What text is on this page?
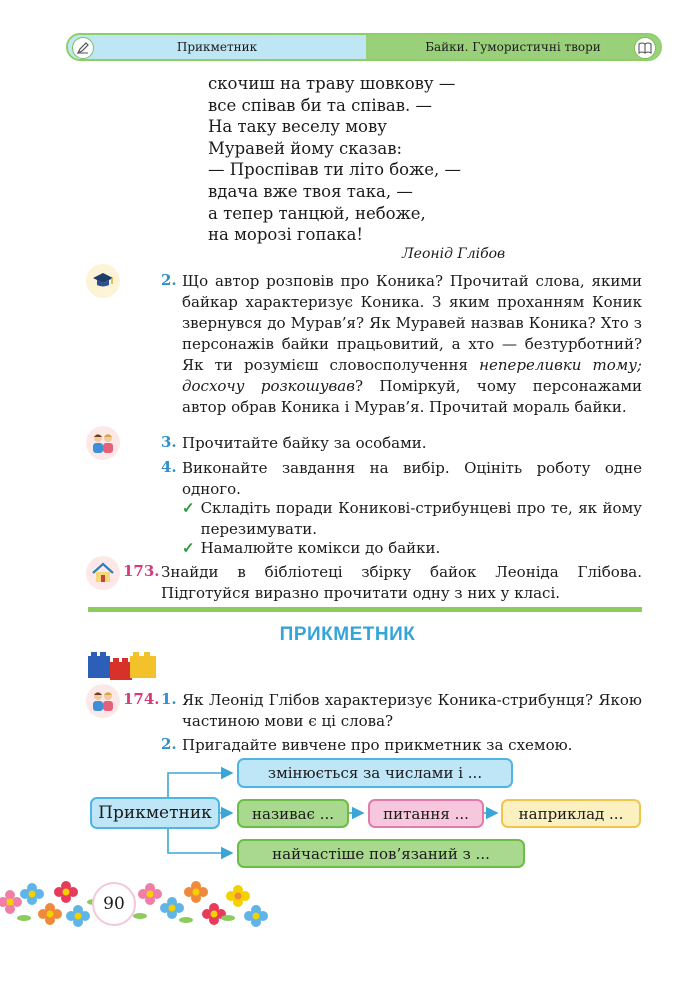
Прикметник	Байки. Гумористичні твори
скочиш на траву шовкову —
все співав би та співав. —
На таку веселу мову
Муравей йому сказав:
— Проспівав ти літо боже, —
вдача вже твоя така, —
а тепер танцюй, небоже,
на морозі гопака!
Леонід Глібов
2. Що автор розповів про Коника? Прочитай слова, якими байкар характеризує Коника. З яким проханням Коник звернувся до Мурав’я? Як Муравей назвав Коника? Хто з персонажів байки працьовитий, а хто — безтурботний? Як ти розумієш словосполучення непереливки тому; досхочу розкошував? Поміркуй, чому персонажами автор обрав Коника і Мурав’я. Прочитай мораль байки.
3. Прочитайте байку за особами.
4. Виконайте завдання на вибір. Оцініть роботу одне одного.
✓ Складіть поради Коникові-стрибунцеві про те, як йому перезимувати.
✓ Намалюйте комікси до байки.
173. Знайди в бібліотеці збірку байок Леоніда Глібова. Підготуйся виразно прочитати одну з них у класі.
ПРИКМЕТНИК
174. 1. Як Леонід Глібов характеризує Коника-стрибунця? Якою частиною мови є ці слова?
2. Пригадайте вивчене про прикметник за схемою.
Прикметник
змінюється за числами і ...
називає ...	питання ...	наприклад ...
найчастіше пов’язаний з ...
90
